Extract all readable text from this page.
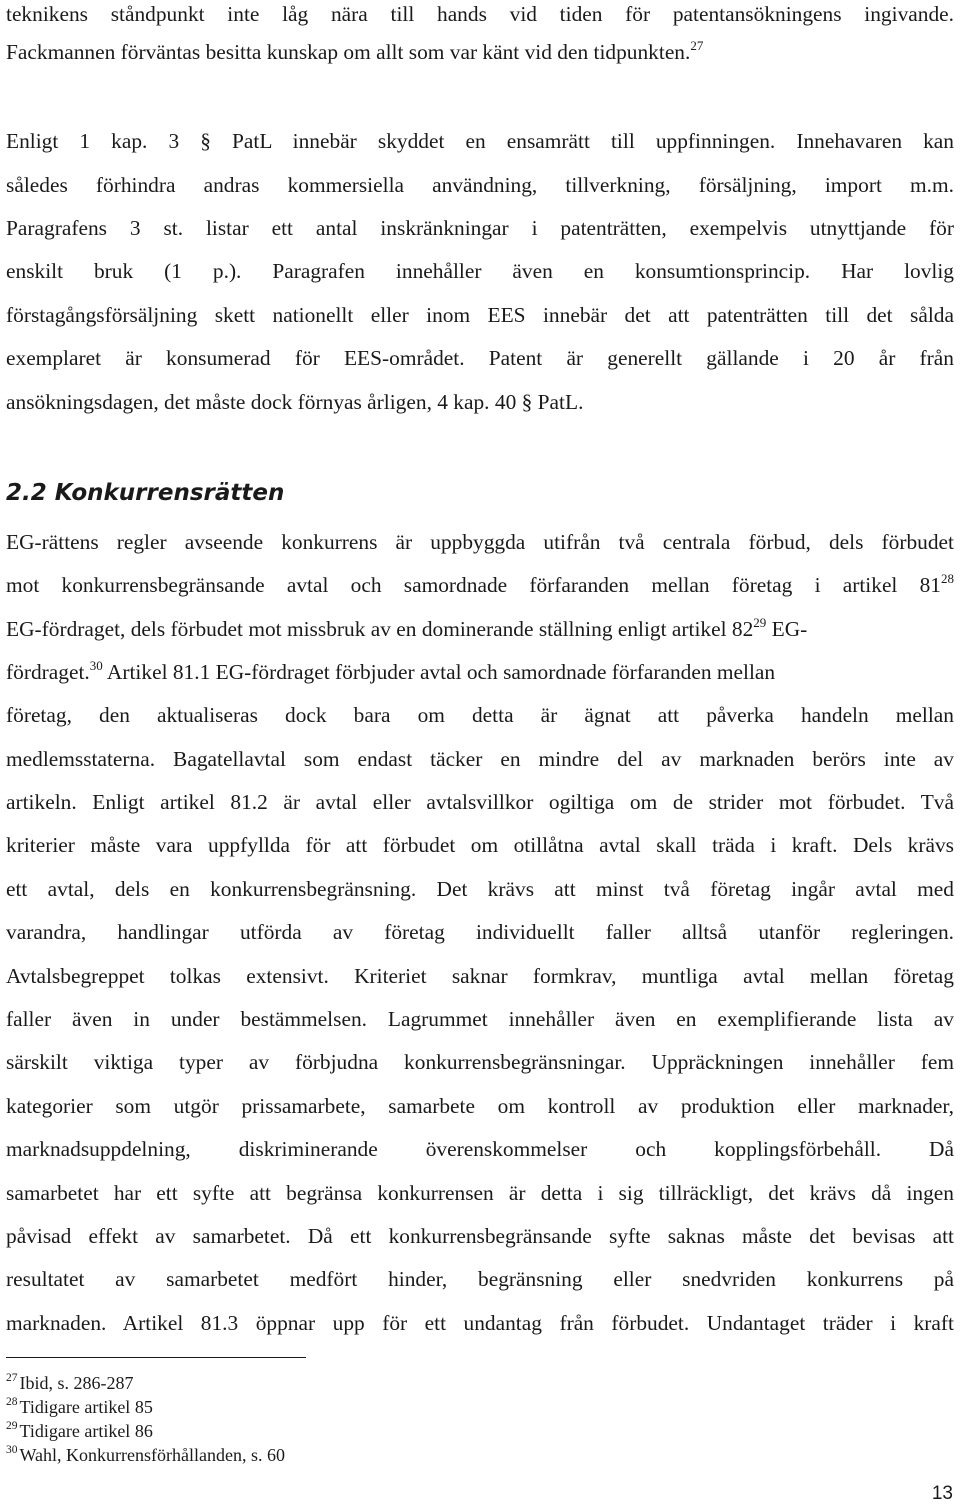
teknikens ståndpunkt inte låg nära till hands vid tiden för patentansökningens ingivande.
Fackmannen förväntas besitta kunskap om allt som var känt vid den tidpunkten.$^{27}$
Enligt 1 kap. 3 § PatL innebär skyddet en ensamrätt till uppfinningen. Innehavaren kan
således förhindra andras kommersiella användning, tillverkning, försäljning, import m.m.
Paragrafens 3 st. listar ett antal inskränkningar i patenträtten, exempelvis utnyttjande för
enskilt bruk (1 p.). Paragrafen innehåller även en konsumtionsprincip. Har lovlig
förstagångsförsäljning skett nationellt eller inom EES innebär det att patenträtten till det sålda
exemplaret är konsumerad för EES-området. Patent är generellt gällande i 20 år från
ansökningsdagen, det måste dock förnyas årligen, 4 kap. 40 § PatL.
2.2 Konkurrensrätten
EG-rättens regler avseende konkurrens är uppbyggda utifrån två centrala förbud, dels förbudet
mot konkurrensbegränsande avtal och samordnade förfaranden mellan företag i artikel 81$^{28}$
EG-fördraget, dels förbudet mot missbruk av en dominerande ställning enligt artikel 82$^{29}$ EG-
fördraget.$^{30}$ Artikel 81.1 EG-fördraget förbjuder avtal och samordnade förfaranden mellan
företag, den aktualiseras dock bara om detta är ägnat att påverka handeln mellan
medlemsstaterna. Bagatellavtal som endast täcker en mindre del av marknaden berörs inte av
artikeln. Enligt artikel 81.2 är avtal eller avtalsvillkor ogiltiga om de strider mot förbudet. Två
kriterier måste vara uppfyllda för att förbudet om otillåtna avtal skall träda i kraft. Dels krävs
ett avtal, dels en konkurrensbegränsning. Det krävs att minst två företag ingår avtal med
varandra, handlingar utförda av företag individuellt faller alltså utanför regleringen.
Avtalsbegreppet tolkas extensivt. Kriteriet saknar formkrav, muntliga avtal mellan företag
faller även in under bestämmelsen. Lagrummet innehåller även en exemplifierande lista av
särskilt viktiga typer av förbjudna konkurrensbegränsningar. Uppräckningen innehåller fem
kategorier som utgör prissamarbete, samarbete om kontroll av produktion eller marknader,
marknadsuppdelning, diskriminerande överenskommelser och kopplingsförbehåll. Då
samarbetet har ett syfte att begränsa konkurrensen är detta i sig tillräckligt, det krävs då ingen
påvisad effekt av samarbetet. Då ett konkurrensbegränsande syfte saknas måste det bevisas att
resultatet av samarbetet medfört hinder, begränsning eller snedvriden konkurrens på
marknaden. Artikel 81.3 öppnar upp för ett undantag från förbudet. Undantaget träder i kraft
$^{27}$ Ibid, s. 286-287
$^{28}$ Tidigare artikel 85
$^{29}$ Tidigare artikel 86
$^{30}$ Wahl, Konkurrensförhållanden, s. 60
13
